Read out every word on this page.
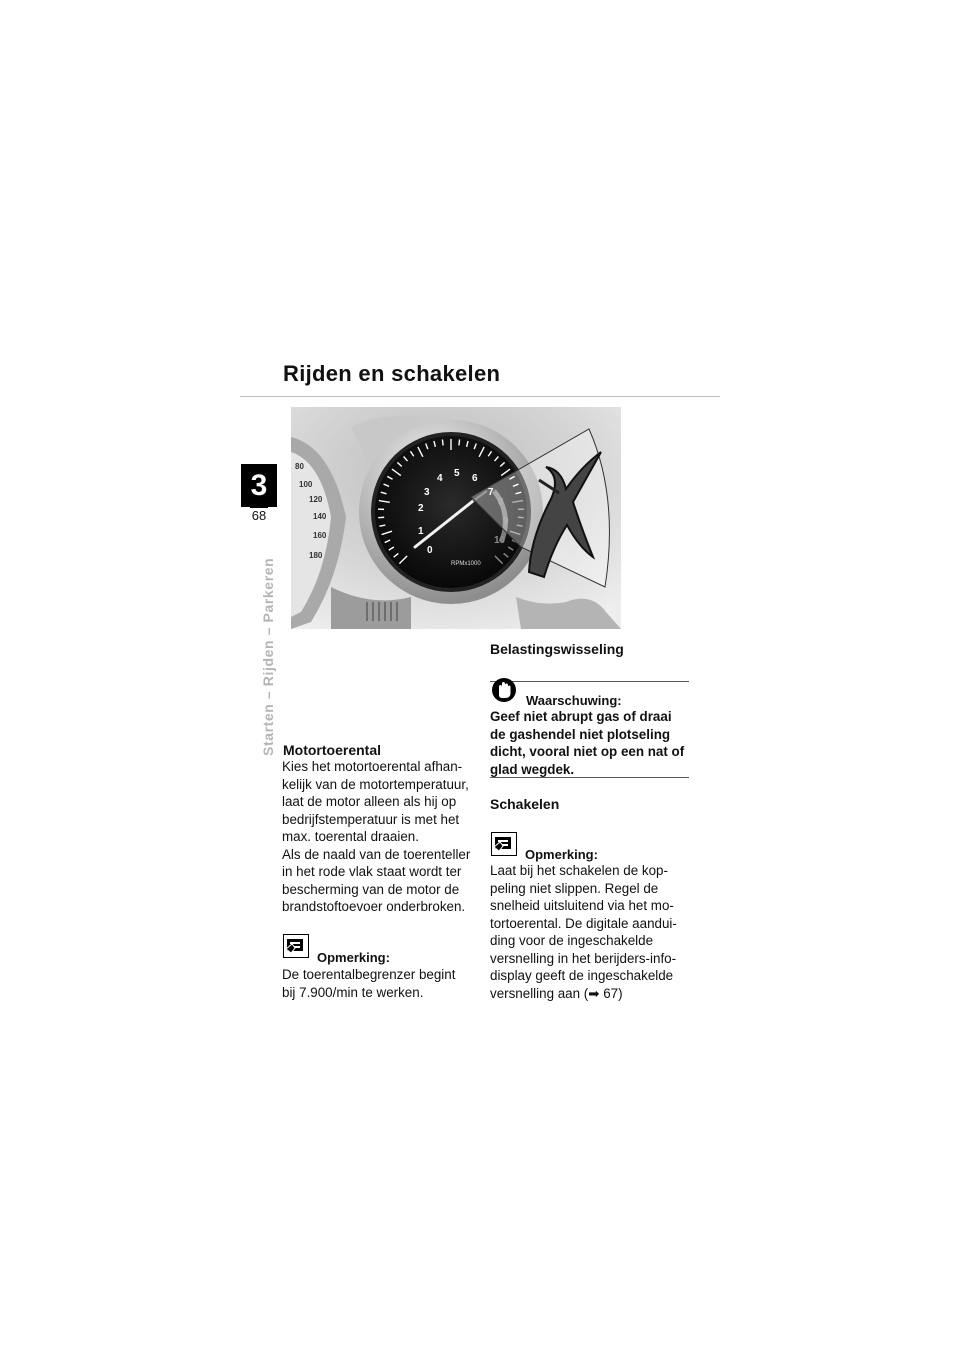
Rijden en schakelen
3
68
Starten – Rijden – Parkeren
80
100
120
140
160
180	0
1
2
3
4 5 6
7
8
9
10
RPMx1000
Motortoerental
Kies het motortoerental afhan-
kelijk van de motortemperatuur,
laat de motor alleen als hij op
bedrijfstemperatuur is met het
max. toerental draaien.
Als de naald van de toerenteller
in het rode vlak staat wordt ter
bescherming van de motor de
brandstoftoevoer onderbroken.
Opmerking:
De toerentalbegrenzer begint
bij 7.900/min te werken.
Belastingswisseling
Waarschuwing:
Geef niet abrupt gas of draai
de gashendel niet plotseling
dicht, vooral niet op een nat of
glad wegdek.
Schakelen
Opmerking:
Laat bij het schakelen de kop-
peling niet slippen. Regel de
snelheid uitsluitend via het mo-
tortoerental. De digitale aandui-
ding voor de ingeschakelde
versnelling in het berijders-info-
display geeft de ingeschakelde
versnelling aan (➡ 67)
